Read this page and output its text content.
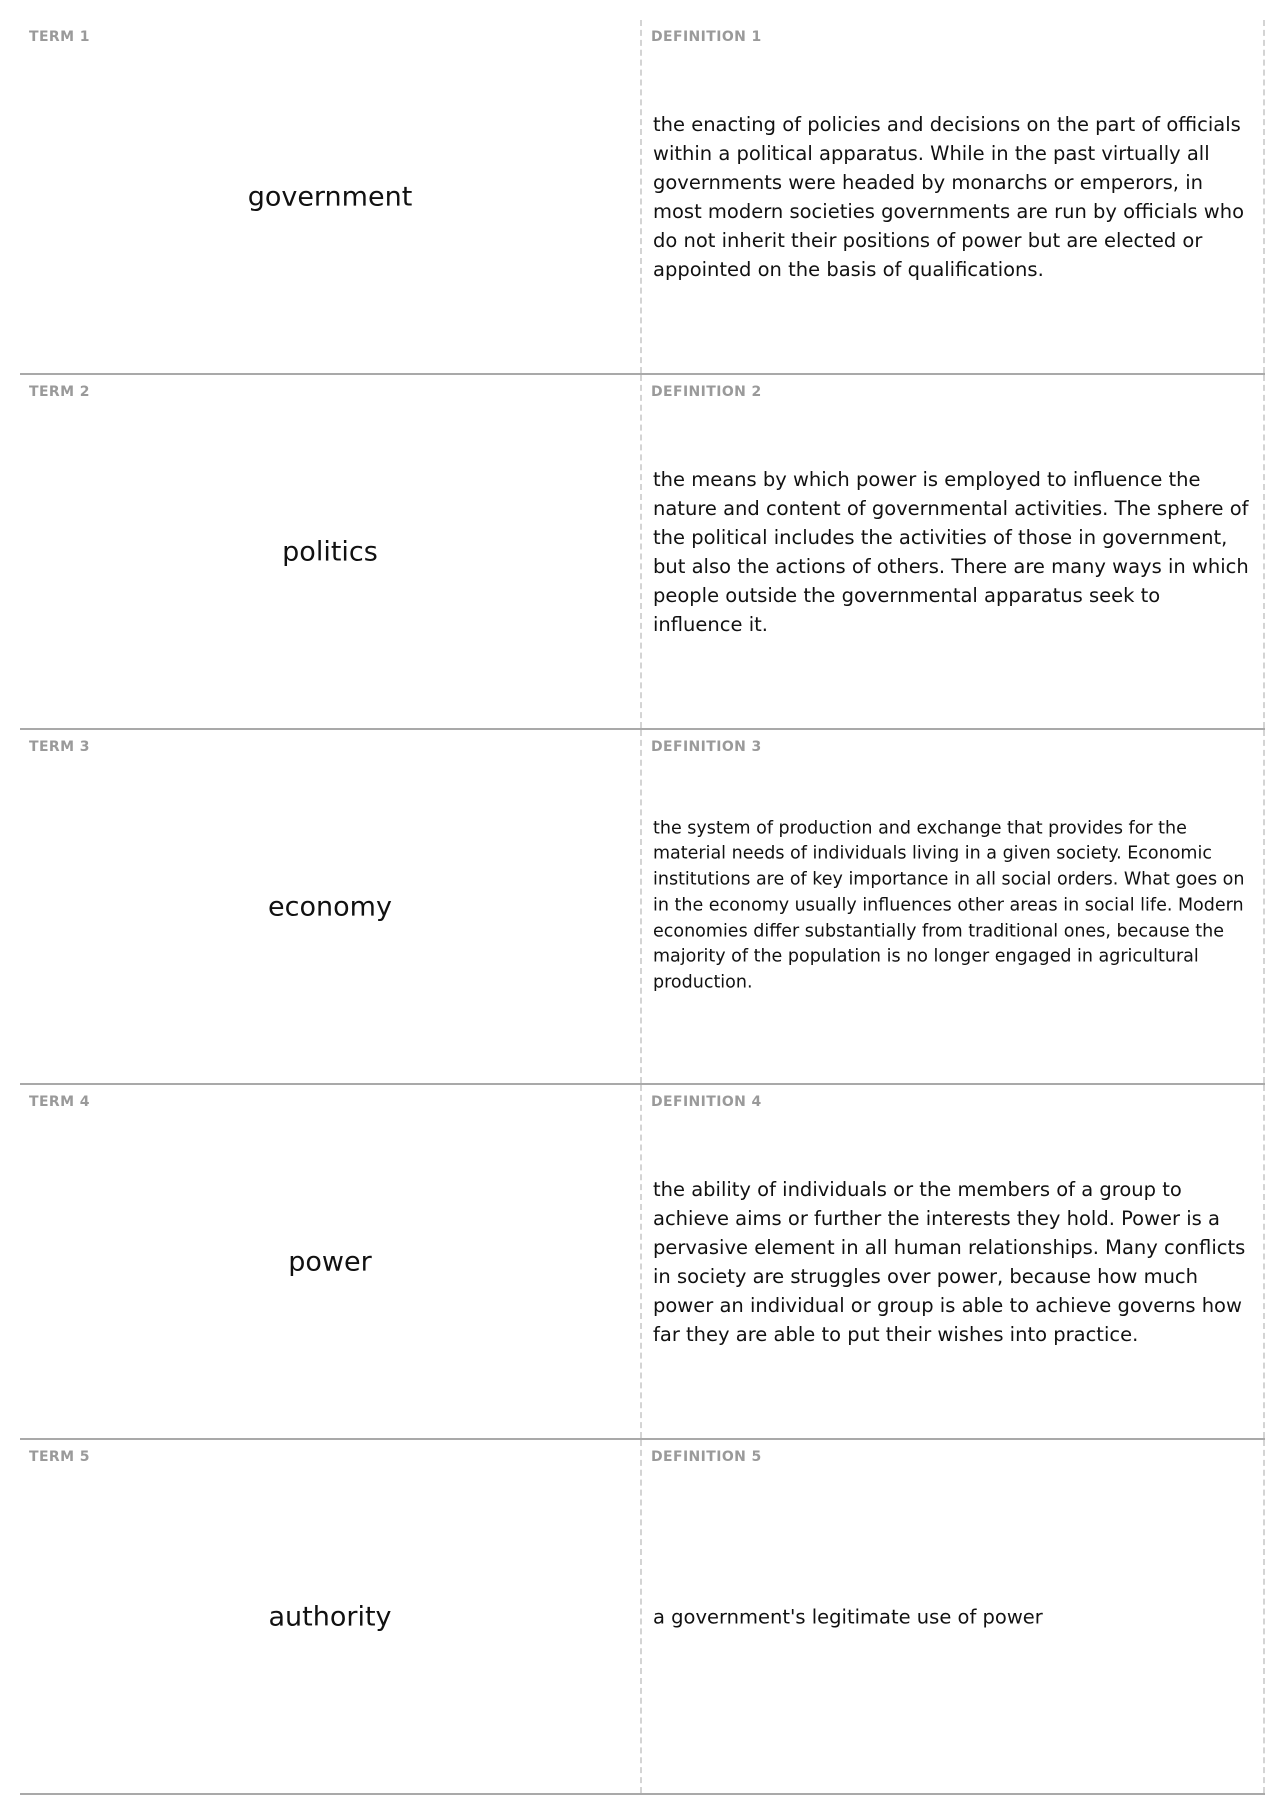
TERM 1
government
DEFINITION 1
the enacting of policies and decisions on the part of officials within a political apparatus. While in the past virtually all governments were headed by monarchs or emperors, in most modern societies governments are run by officials who do not inherit their positions of power but are elected or appointed on the basis of qualifications.
TERM 2
politics
DEFINITION 2
the means by which power is employed to influence the nature and content of governmental activities. The sphere of the political includes the activities of those in government, but also the actions of others. There are many ways in which people outside the governmental apparatus seek to influence it.
TERM 3
economy
DEFINITION 3
the system of production and exchange that provides for the material needs of individuals living in a given society. Economic institutions are of key importance in all social orders. What goes on in the economy usually influences other areas in social life. Modern economies differ substantially from traditional ones, because the majority of the population is no longer engaged in agricultural production.
TERM 4
power
DEFINITION 4
the ability of individuals or the members of a group to achieve aims or further the interests they hold. Power is a pervasive element in all human relationships. Many conflicts in society are struggles over power, because how much power an individual or group is able to achieve governs how far they are able to put their wishes into practice.
TERM 5
authority
DEFINITION 5
a government's legitimate use of power
